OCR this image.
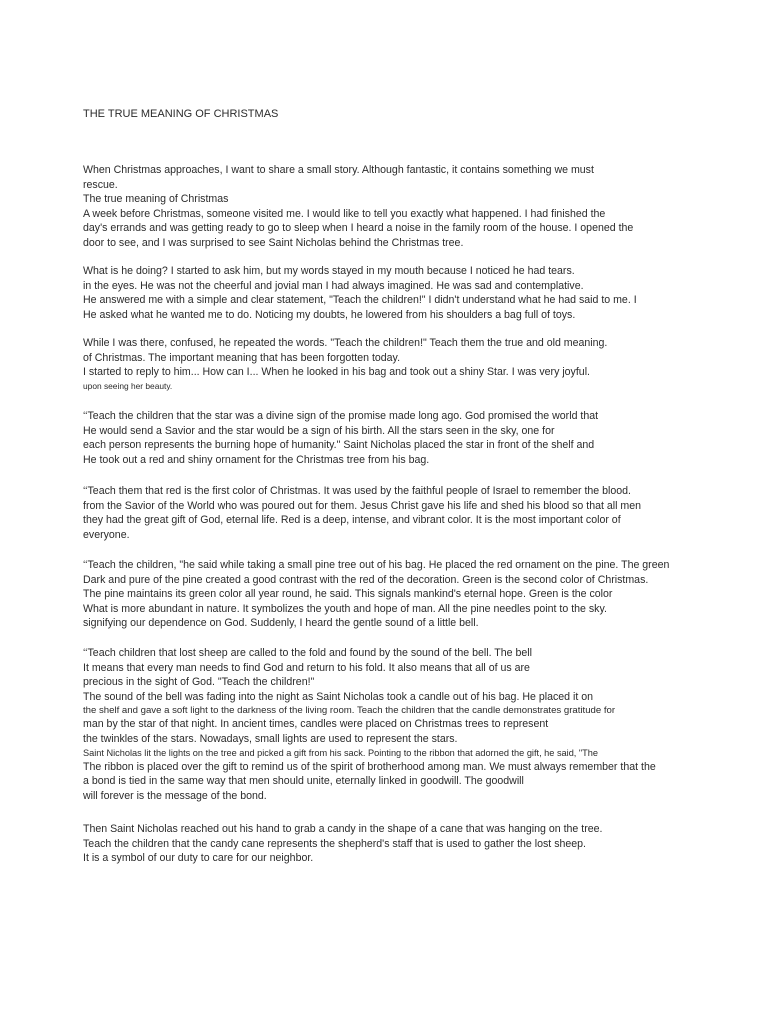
THE TRUE MEANING OF CHRISTMAS
When Christmas approaches, I want to share a small story. Although fantastic, it contains something we must
rescue.
The true meaning of Christmas
A week before Christmas, someone visited me. I would like to tell you exactly what happened. I had finished the
day's errands and was getting ready to go to sleep when I heard a noise in the family room of the house. I opened the
door to see, and I was surprised to see Saint Nicholas behind the Christmas tree.
What is he doing? I started to ask him, but my words stayed in my mouth because I noticed he had tears.
in the eyes. He was not the cheerful and jovial man I had always imagined. He was sad and contemplative.
He answered me with a simple and clear statement, "Teach the children!" I didn't understand what he had said to me. I
He asked what he wanted me to do. Noticing my doubts, he lowered from his shoulders a bag full of toys.
While I was there, confused, he repeated the words. "Teach the children!" Teach them the true and old meaning.
of Christmas. The important meaning that has been forgotten today.
I started to reply to him... How can I... When he looked in his bag and took out a shiny Star. I was very joyful.
upon seeing her beauty.
‘‘Teach the children that the star was a divine sign of the promise made long ago. God promised the world that
He would send a Savior and the star would be a sign of his birth. All the stars seen in the sky, one for
each person represents the burning hope of humanity." Saint Nicholas placed the star in front of the shelf and
He took out a red and shiny ornament for the Christmas tree from his bag.
‘‘Teach them that red is the first color of Christmas. It was used by the faithful people of Israel to remember the blood.
from the Savior of the World who was poured out for them. Jesus Christ gave his life and shed his blood so that all men
they had the great gift of God, eternal life. Red is a deep, intense, and vibrant color. It is the most important color of
everyone.
‘‘Teach the children, "he said while taking a small pine tree out of his bag. He placed the red ornament on the pine. The green
Dark and pure of the pine created a good contrast with the red of the decoration. Green is the second color of Christmas.
The pine maintains its green color all year round, he said. This signals mankind's eternal hope. Green is the color
What is more abundant in nature. It symbolizes the youth and hope of man. All the pine needles point to the sky.
signifying our dependence on God. Suddenly, I heard the gentle sound of a little bell.
‘‘Teach children that lost sheep are called to the fold and found by the sound of the bell. The bell
It means that every man needs to find God and return to his fold. It also means that all of us are
precious in the sight of God. "Teach the children!"
The sound of the bell was fading into the night as Saint Nicholas took a candle out of his bag. He placed it on
the shelf and gave a soft light to the darkness of the living room. Teach the children that the candle demonstrates gratitude for
man by the star of that night. In ancient times, candles were placed on Christmas trees to represent
the twinkles of the stars. Nowadays, small lights are used to represent the stars.
Saint Nicholas lit the lights on the tree and picked a gift from his sack. Pointing to the ribbon that adorned the gift, he said, "The
The ribbon is placed over the gift to remind us of the spirit of brotherhood among man. We must always remember that the
a bond is tied in the same way that men should unite, eternally linked in goodwill. The goodwill
will forever is the message of the bond.
Then Saint Nicholas reached out his hand to grab a candy in the shape of a cane that was hanging on the tree.
Teach the children that the candy cane represents the shepherd's staff that is used to gather the lost sheep.
It is a symbol of our duty to care for our neighbor.
